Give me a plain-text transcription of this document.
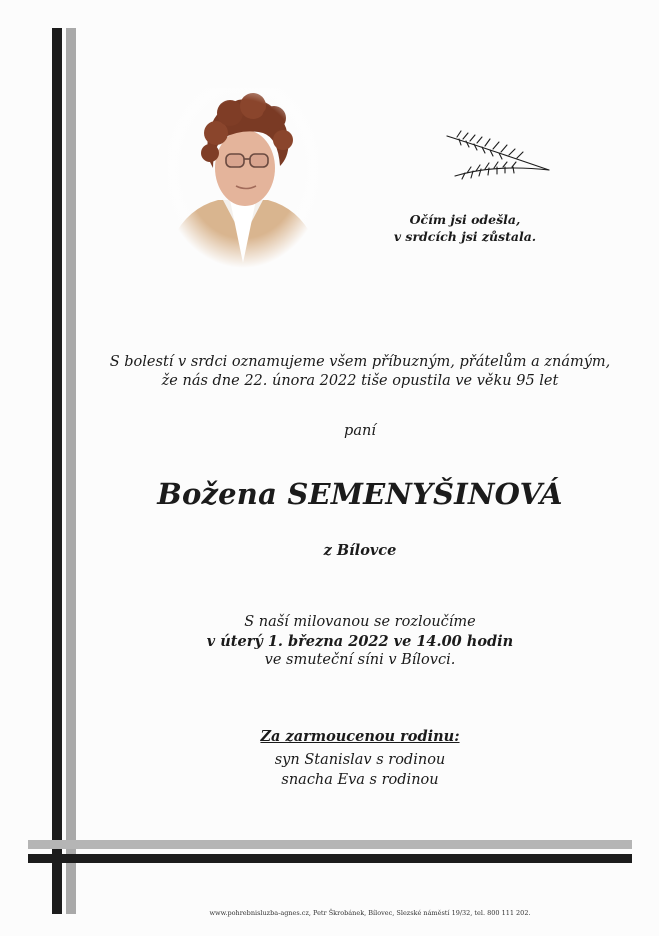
Očím jsi odešla,
v srdcích jsi zůstala.
S bolestí v srdci oznamujeme všem příbuzným, přátelům a známým,
že nás dne 22. února 2022 tiše opustila ve věku 95 let
paní
Božena SEMENYŠINOVÁ
z Bílovce
S naší milovanou se rozloučíme
v úterý 1. března 2022 ve 14.00 hodin
ve smuteční síni v Bílovci.
Za zarmoucenou rodinu:
syn Stanislav s rodinou
snacha Eva s rodinou
www.pohrebnisluzba-agnes.cz, Petr Škrobánek, Bílovec, Slezské náměstí 19/32, tel. 800 111 202.
